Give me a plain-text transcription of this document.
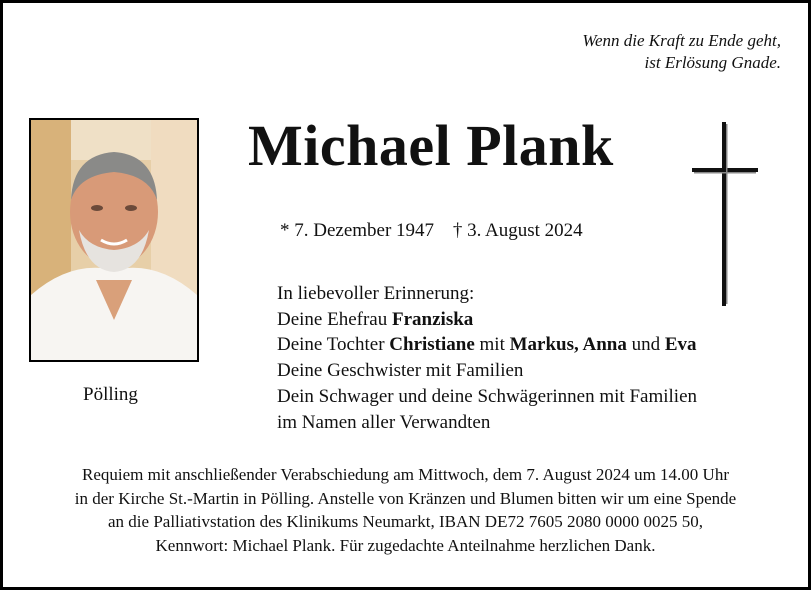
Wenn die Kraft zu Ende geht,
ist Erlösung Gnade.
Pölling
Michael Plank
* 7. Dezember 1947 † 3. August 2024
In liebevoller Erinnerung:
Deine Ehefrau Franziska
Deine Tochter Christiane mit Markus, Anna und Eva
Deine Geschwister mit Familien
Dein Schwager und deine Schwägerinnen mit Familien
im Namen aller Verwandten
Requiem mit anschließender Verabschiedung am Mittwoch, dem 7. August 2024 um 14.00 Uhr
in der Kirche St.-Martin in Pölling. Anstelle von Kränzen und Blumen bitten wir um eine Spende
an die Palliativstation des Klinikums Neumarkt, IBAN DE72 7605 2080 0000 0025 50,
Kennwort: Michael Plank. Für zugedachte Anteilnahme herzlichen Dank.
